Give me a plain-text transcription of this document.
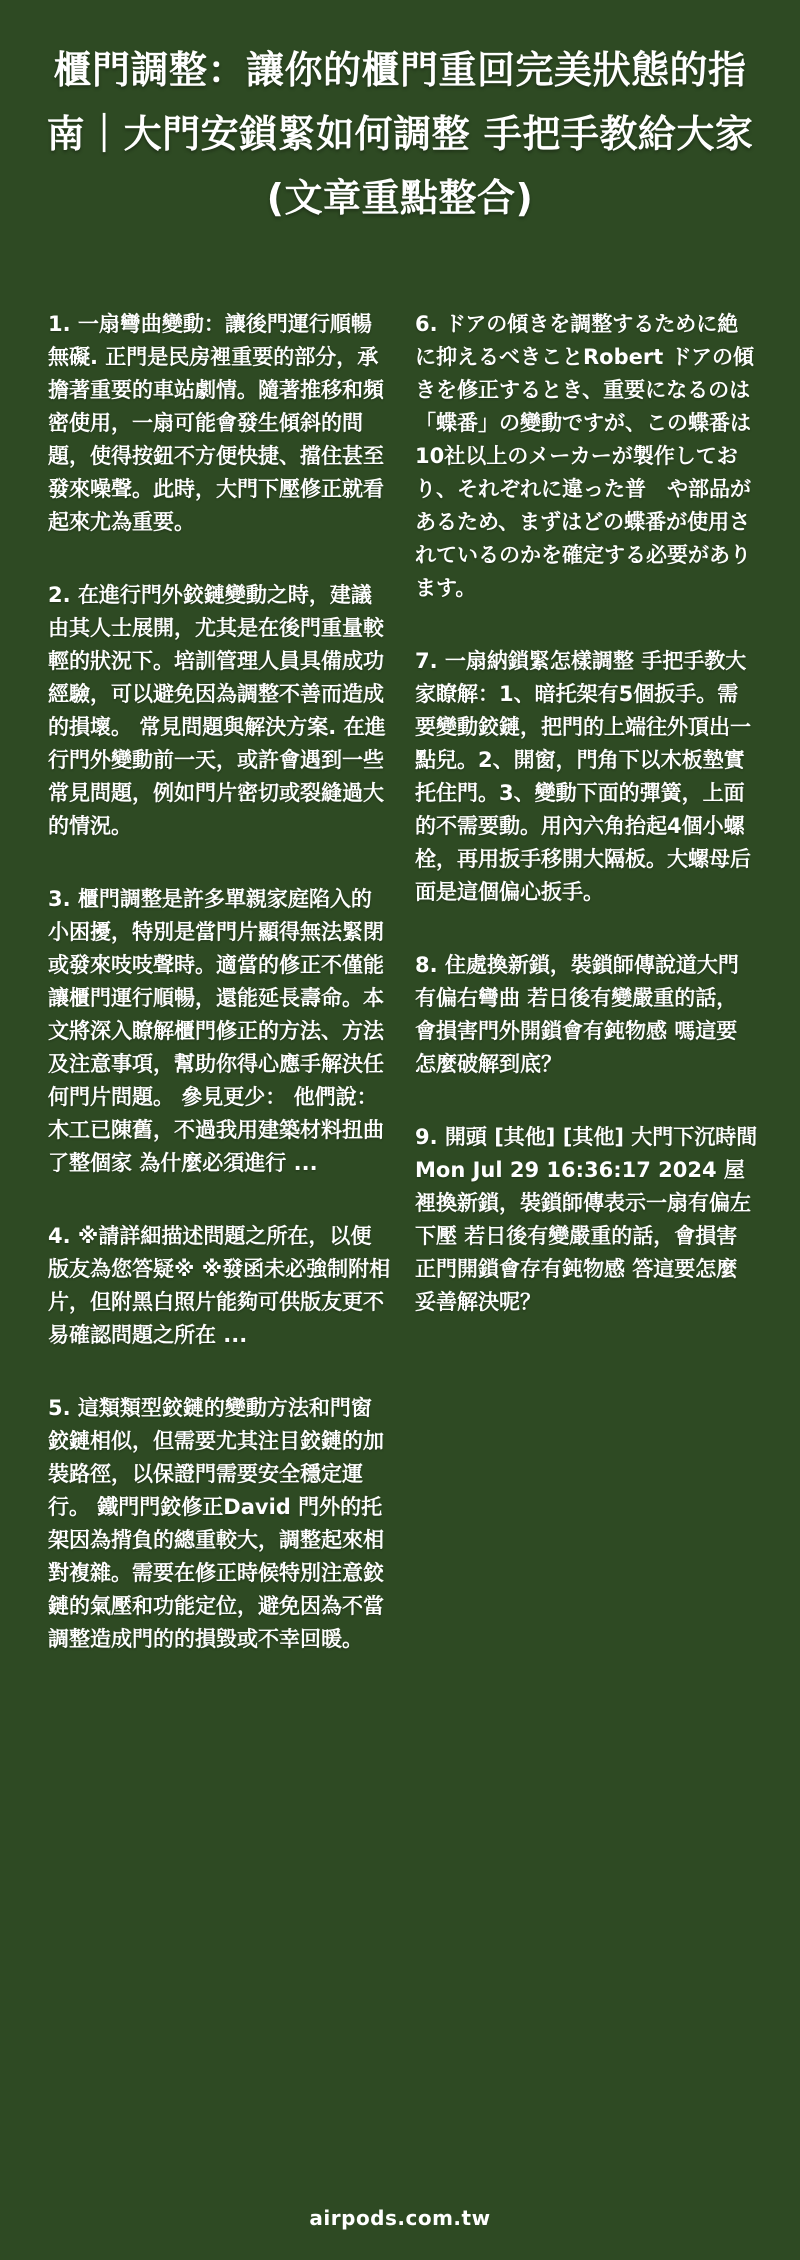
櫃門調整：讓你的櫃門重回完美狀態的指南｜大門安鎖緊如何調整 手把手教給大家 (文章重點整合)

1. 一扇彎曲變動：讓後門運行順暢無礙. 正門是民房裡重要的部分，承擔著重要的車站劇情。隨著推移和頻密使用，一扇可能會發生傾斜的問題，使得按鈕不方便快捷、擋住甚至發來噪聲。此時，大門下壓修正就看起來尤為重要。

2. 在進行門外鉸鏈變動之時，建議由其人士展開，尤其是在後門重量較輕的狀況下。培訓管理人員具備成功經驗，可以避免因為調整不善而造成的損壞。 常見問題與解決方案. 在進行門外變動前一天，或許會遇到一些常見問題，例如門片密切或裂縫過大的情況。

3. 櫃門調整是許多單親家庭陷入的小困擾，特別是當門片顯得無法緊閉或發來吱吱聲時。適當的修正不僅能讓櫃門運行順暢，還能延長壽命。本文將深入瞭解櫃門修正的方法、方法及注意事項，幫助你得心應手解決任何門片問題。 參見更少： 他們說：木工已陳舊，不過我用建築材料扭曲了整個家 為什麼必須進行 ...

4. ※請詳細描述問題之所在，以便版友為您答疑※ ※發函未必強制附相片，但附黑白照片能夠可供版友更不易確認問題之所在 ...

5. 這類類型鉸鏈的變動方法和門窗鉸鏈相似，但需要尤其注目鉸鏈的加裝路徑，以保證門需要安全穩定運行。 鐵門門鉸修正David 門外的托架因為揹負的總重較大，調整起來相對複雜。需要在修正時候特別注意鉸鏈的氣壓和功能定位，避免因為不當調整造成門的的損毀或不幸回暖。

6. ドアの傾きを調整するために絶　に抑えるべきことRobert ドアの傾きを修正するとき、重要になるのは「蝶番」の變動ですが、この蝶番は10社以上のメーカーが製作しており、それぞれに違った普　や部品があるため、まずはどの蝶番が使用されているのかを確定する必要があります。

7. 一扇納鎖緊怎樣調整 手把手教大家瞭解：1、暗托架有5個扳手。需要變動鉸鏈，把門的上端往外頂出一點兒。2、開窗，門角下以木板墊實托住門。3、變動下面的彈簧，上面的不需要動。用內六角抬起4個小螺栓，再用扳手移開大隔板。大螺母后面是這個偏心扳手。

8. 住處換新鎖，裝鎖師傳說道大門有偏右彎曲 若日後有變嚴重的話，會損害門外開鎖會有鈍物感 嗎這要怎麼破解到底？

9. 開頭 [其他] [其他] 大門下沉時間 Mon Jul 29 16:36:17 2024 屋裡換新鎖，裝鎖師傳表示一扇有偏左下壓 若日後有變嚴重的話，會損害正門開鎖會存有鈍物感 答這要怎麼妥善解決呢？

airpods.com.tw
